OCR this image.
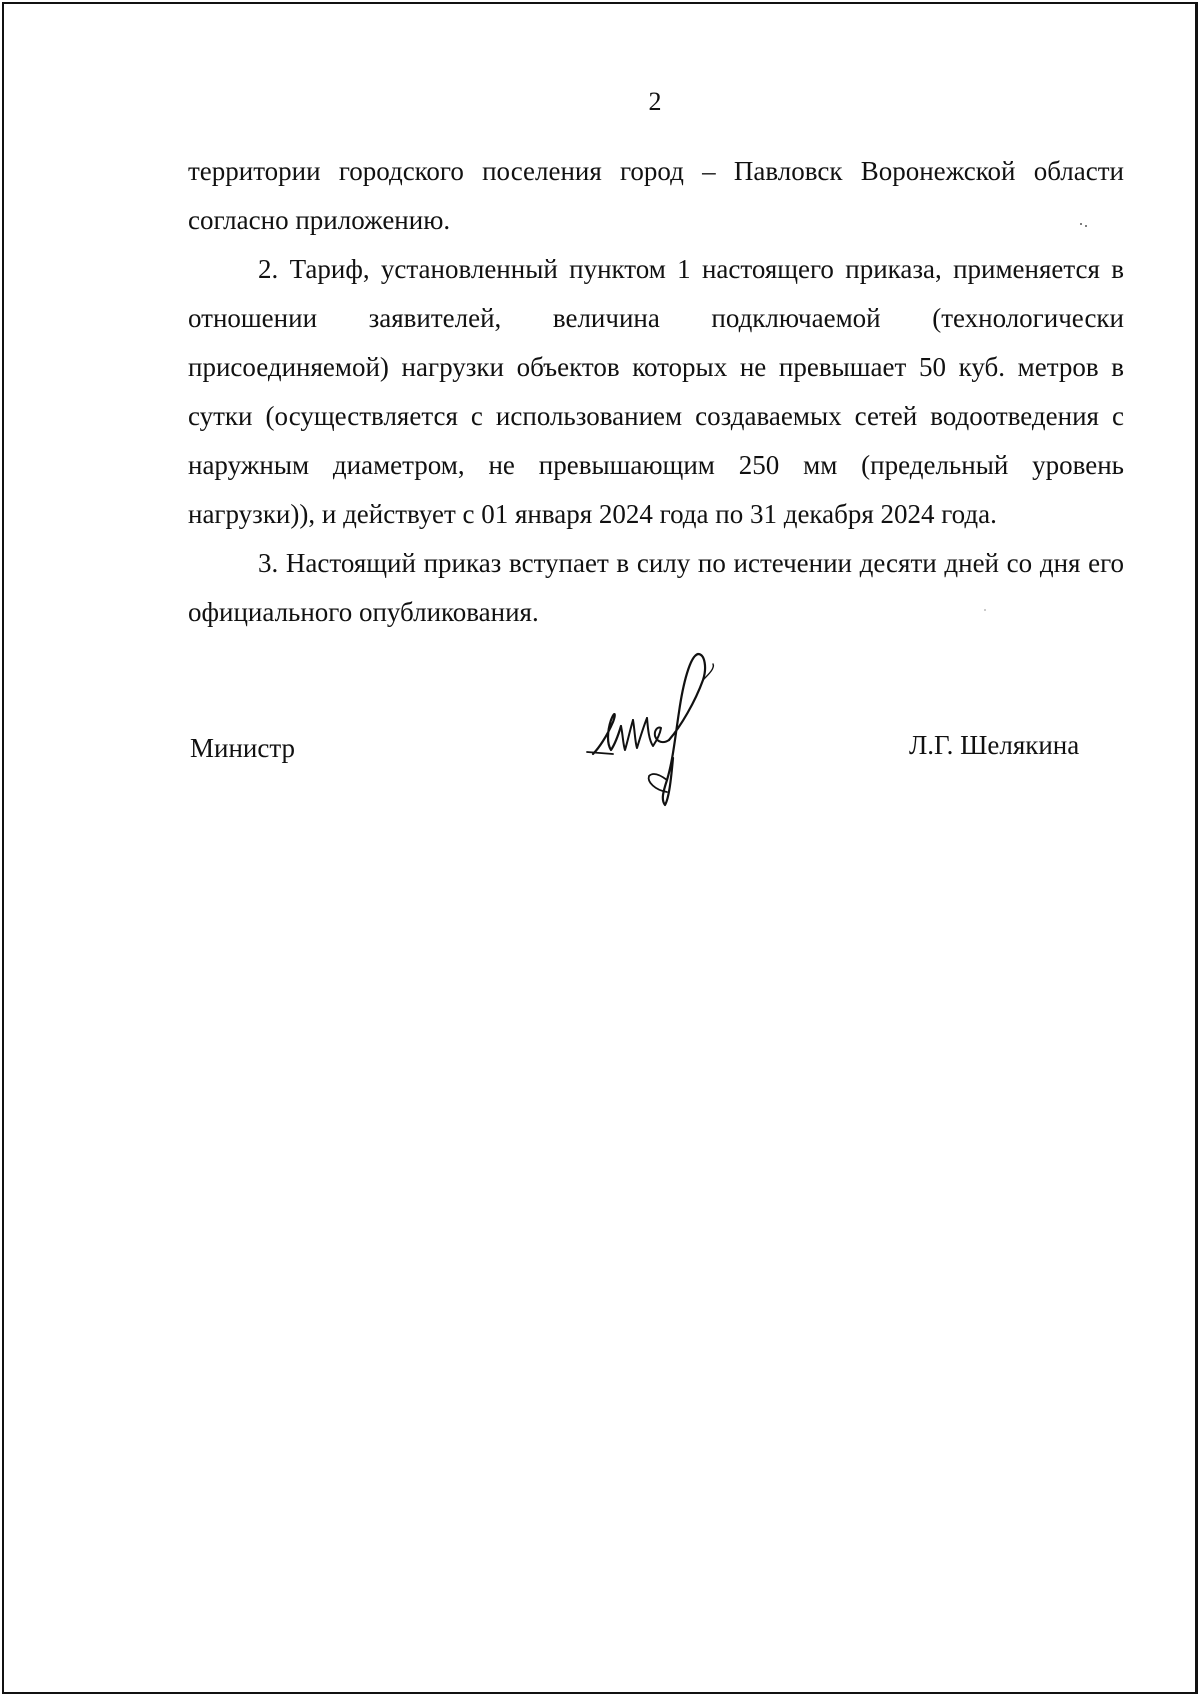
2

территории городского поселения город – Павловск Воронежской области согласно приложению.

2. Тариф, установленный пунктом 1 настоящего приказа, применяется в отношении заявителей, величина подключаемой (технологически присоединяемой) нагрузки объектов которых не превышает 50 куб. метров в сутки (осуществляется с использованием создаваемых сетей водоотведения с наружным диаметром, не превышающим 250 мм (предельный уровень нагрузки)), и действует с 01 января 2024 года по 31 декабря 2024 года.

3. Настоящий приказ вступает в силу по истечении десяти дней со дня его официального опубликования.

Министр	Л.Г. Шелякина
